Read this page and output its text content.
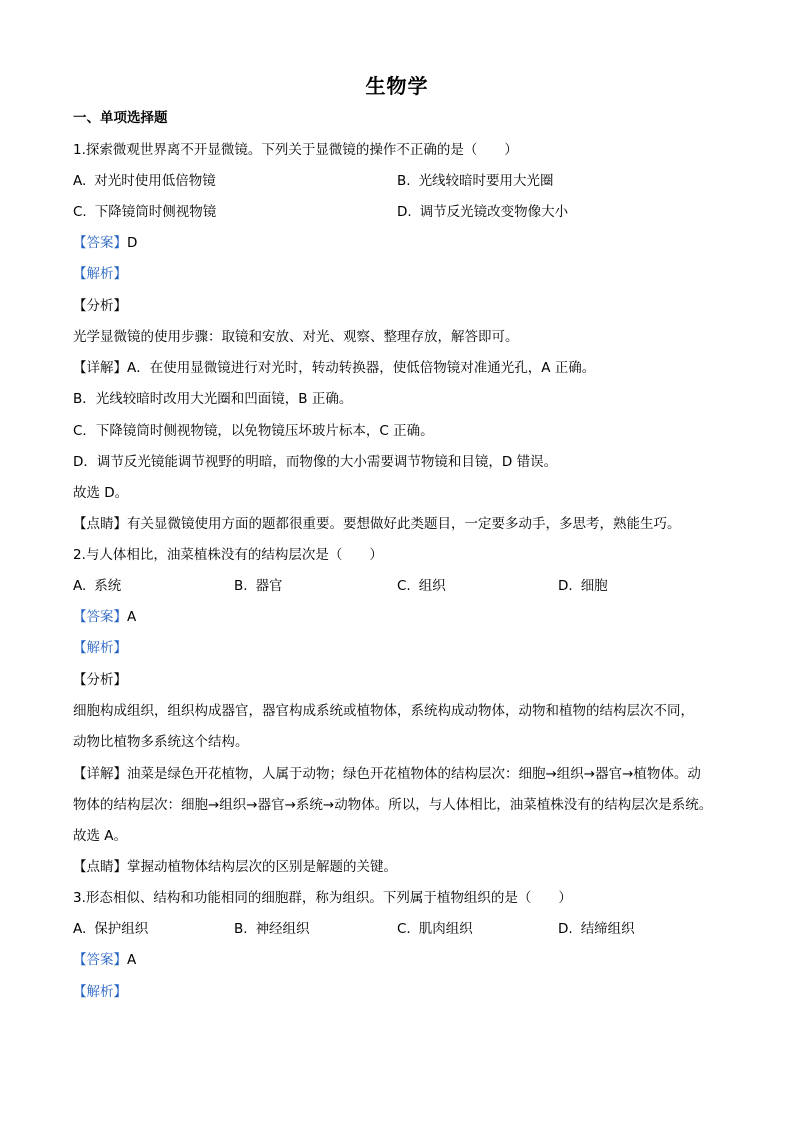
生物学
一、单项选择题
1.探索微观世界离不开显微镜。下列关于显微镜的操作不正确的是（　　）
A. 对光时使用低倍物镜	B. 光线较暗时要用大光圈
C. 下降镜筒时侧视物镜	D. 调节反光镜改变物像大小
【答案】D
【解析】
【分析】
光学显微镜的使用步骤：取镜和安放、对光、观察、整理存放，解答即可。
【详解】A．在使用显微镜进行对光时，转动转换器，使低倍物镜对准通光孔，A 正确。
B．光线较暗时改用大光圈和凹面镜，B 正确。
C．下降镜筒时侧视物镜，以免物镜压坏玻片标本，C 正确。
D．调节反光镜能调节视野的明暗，而物像的大小需要调节物镜和目镜，D 错误。
故选 D。
【点睛】有关显微镜使用方面的题都很重要。要想做好此类题目，一定要多动手，多思考，熟能生巧。
2.与人体相比，油菜植株没有的结构层次是（　　）
A. 系统	B. 器官	C. 组织	D. 细胞
【答案】A
【解析】
【分析】
细胞构成组织，组织构成器官，器官构成系统或植物体，系统构成动物体，动物和植物的结构层次不同，
动物比植物多系统这个结构。
【详解】油菜是绿色开花植物，人属于动物；绿色开花植物体的结构层次：细胞→组织→器官→植物体。动
物体的结构层次：细胞→组织→器官→系统→动物体。所以，与人体相比，油菜植株没有的结构层次是系统。
故选 A。
【点睛】掌握动植物体结构层次的区别是解题的关键。
3.形态相似、结构和功能相同的细胞群，称为组织。下列属于植物组织的是（　　）
A. 保护组织	B. 神经组织	C. 肌肉组织	D. 结缔组织
【答案】A
【解析】
